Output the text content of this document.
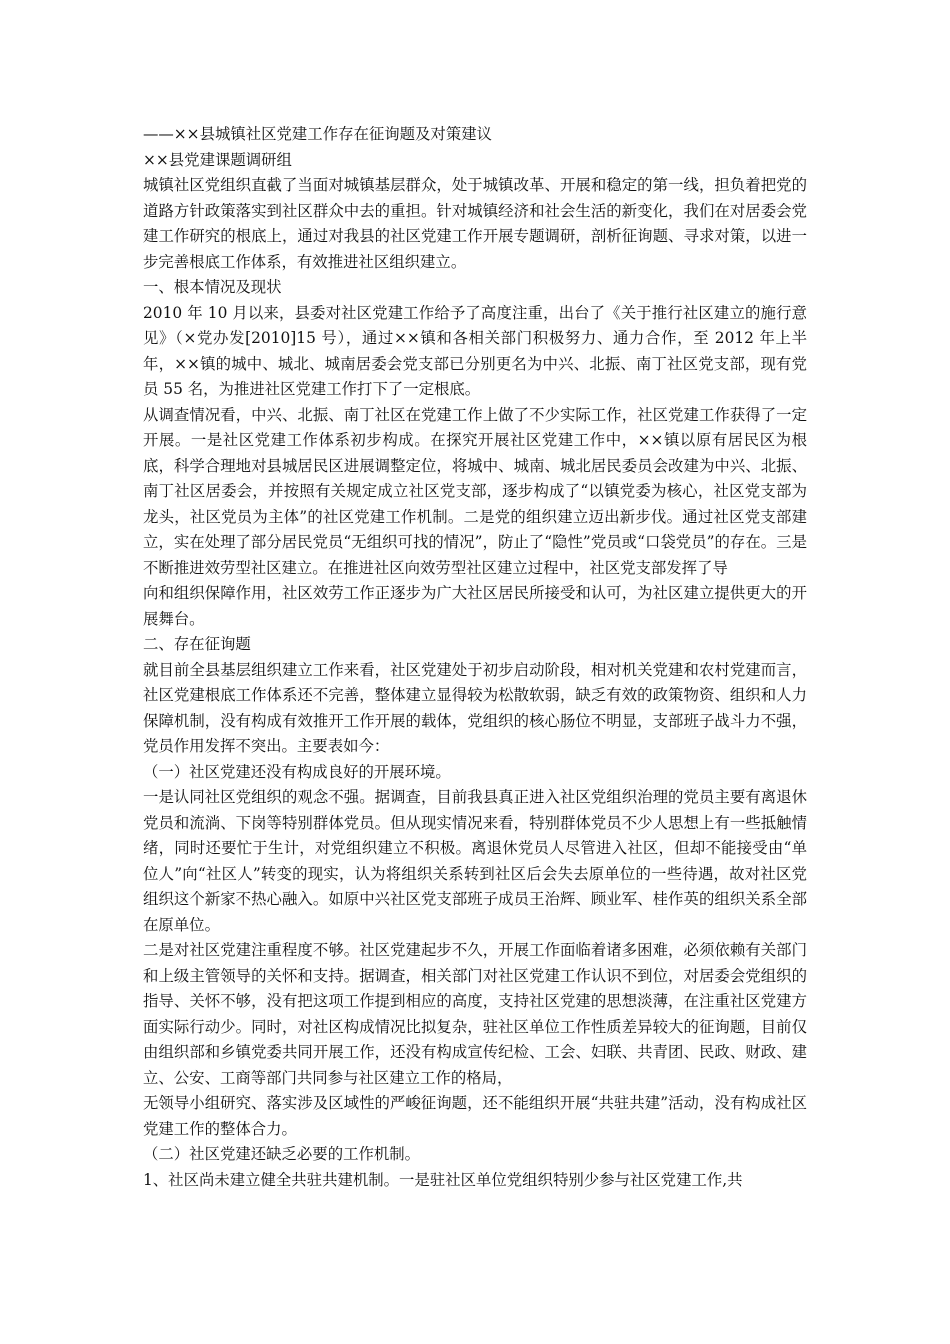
——××县城镇社区党建工作存在征询题及对策建议

××县党建课题调研组

城镇社区党组织直截了当面对城镇基层群众，处于城镇改革、开展和稳定的第一线，担负着把党的道路方针政策落实到社区群众中去的重担。针对城镇经济和社会生活的新变化，我们在对居委会党建工作研究的根底上，通过对我县的社区党建工作开展专题调研，剖析征询题、寻求对策，以进一步完善根底工作体系，有效推进社区组织建立。

一、根本情况及现状

2010 年 10 月以来，县委对社区党建工作给予了高度注重，出台了《关于推行社区建立的施行意见》（×党办发[2010]15 号），通过××镇和各相关部门积极努力、通力合作，至 2012 年上半年，××镇的城中、城北、城南居委会党支部已分别更名为中兴、北振、南丁社区党支部，现有党员 55 名，为推进社区党建工作打下了一定根底。

从调查情况看，中兴、北振、南丁社区在党建工作上做了不少实际工作，社区党建工作获得了一定开展。一是社区党建工作体系初步构成。在探究开展社区党建工作中，××镇以原有居民区为根底，科学合理地对县城居民区进展调整定位，将城中、城南、城北居民委员会改建为中兴、北振、南丁社区居委会，并按照有关规定成立社区党支部，逐步构成了“以镇党委为核心，社区党支部为龙头，社区党员为主体”的社区党建工作机制。二是党的组织建立迈出新步伐。通过社区党支部建立，实在处理了部分居民党员“无组织可找的情况”，防止了“隐性”党员或“口袋党员”的存在。三是不断推进效劳型社区建立。在推进社区向效劳型社区建立过程中，社区党支部发挥了导

向和组织保障作用，社区效劳工作正逐步为广大社区居民所接受和认可，为社区建立提供更大的开展舞台。

二、存在征询题

就目前全县基层组织建立工作来看，社区党建处于初步启动阶段，相对机关党建和农村党建而言，社区党建根底工作体系还不完善，整体建立显得较为松散软弱，缺乏有效的政策物资、组织和人力保障机制，没有构成有效推开工作开展的载体，党组织的核心肠位不明显，支部班子战斗力不强，党员作用发挥不突出。主要表如今：

（一）社区党建还没有构成良好的开展环境。

一是认同社区党组织的观念不强。据调查，目前我县真正进入社区党组织治理的党员主要有离退休党员和流淌、下岗等特别群体党员。但从现实情况来看，特别群体党员不少人思想上有一些抵触情绪，同时还要忙于生计，对党组织建立不积极。离退休党员人尽管进入社区，但却不能接受由“单位人”向“社区人”转变的现实，认为将组织关系转到社区后会失去原单位的一些待遇，故对社区党组织这个新家不热心融入。如原中兴社区党支部班子成员王治辉、顾业军、桂作英的组织关系全部在原单位。

二是对社区党建注重程度不够。社区党建起步不久，开展工作面临着诸多困难，必须依赖有关部门和上级主管领导的关怀和支持。据调查，相关部门对社区党建工作认识不到位，对居委会党组织的指导、关怀不够，没有把这项工作提到相应的高度，支持社区党建的思想淡薄，在注重社区党建方面实际行动少。同时，对社区构成情况比拟复杂，驻社区单位工作性质差异较大的征询题，目前仅由组织部和乡镇党委共同开展工作，还没有构成宣传纪检、工会、妇联、共青团、民政、财政、建立、公安、工商等部门共同参与社区建立工作的格局，

无领导小组研究、落实涉及区域性的严峻征询题，还不能组织开展“共驻共建”活动，没有构成社区党建工作的整体合力。

（二）社区党建还缺乏必要的工作机制。

1、社区尚未建立健全共驻共建机制。一是驻社区单位党组织特别少参与社区党建工作,共
